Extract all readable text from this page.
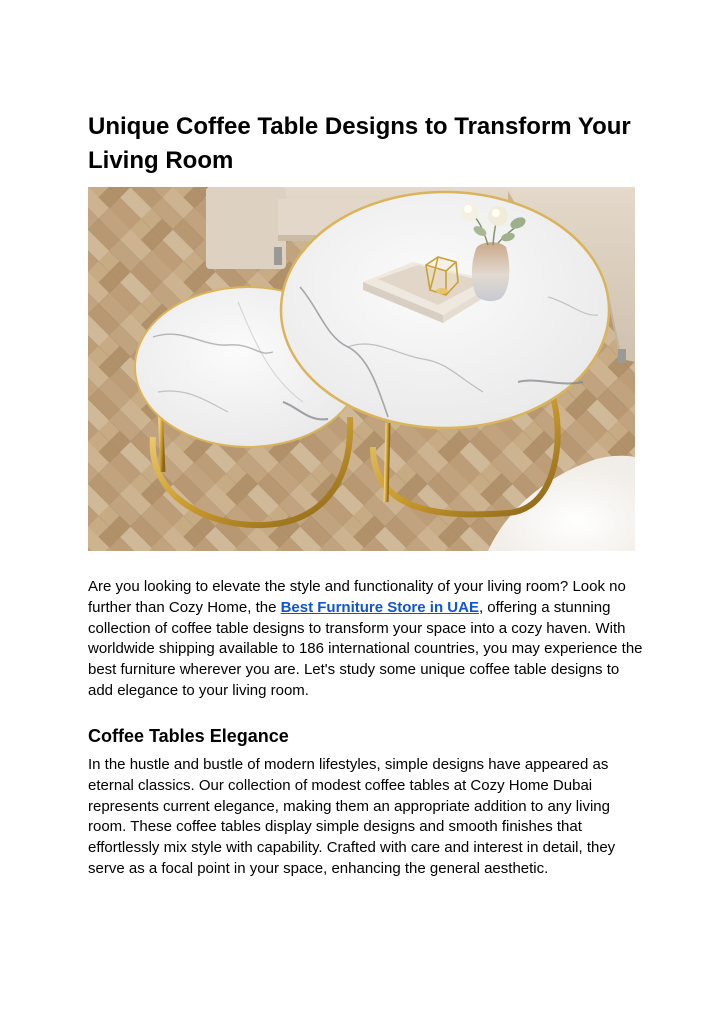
Unique Coffee Table Designs to Transform Your Living Room

Are you looking to elevate the style and functionality of your living room? Look no further than Cozy Home, the Best Furniture Store in UAE, offering a stunning collection of coffee table designs to transform your space into a cozy haven. With worldwide shipping available to 186 international countries, you may experience the best furniture wherever you are. Let's study some unique coffee table designs to add elegance to your living room.

Coffee Tables Elegance

In the hustle and bustle of modern lifestyles, simple designs have appeared as eternal classics. Our collection of modest coffee tables at Cozy Home Dubai represents current elegance, making them an appropriate addition to any living room. These coffee tables display simple designs and smooth finishes that effortlessly mix style with capability. Crafted with care and interest in detail, they serve as a focal point in your space, enhancing the general aesthetic.
